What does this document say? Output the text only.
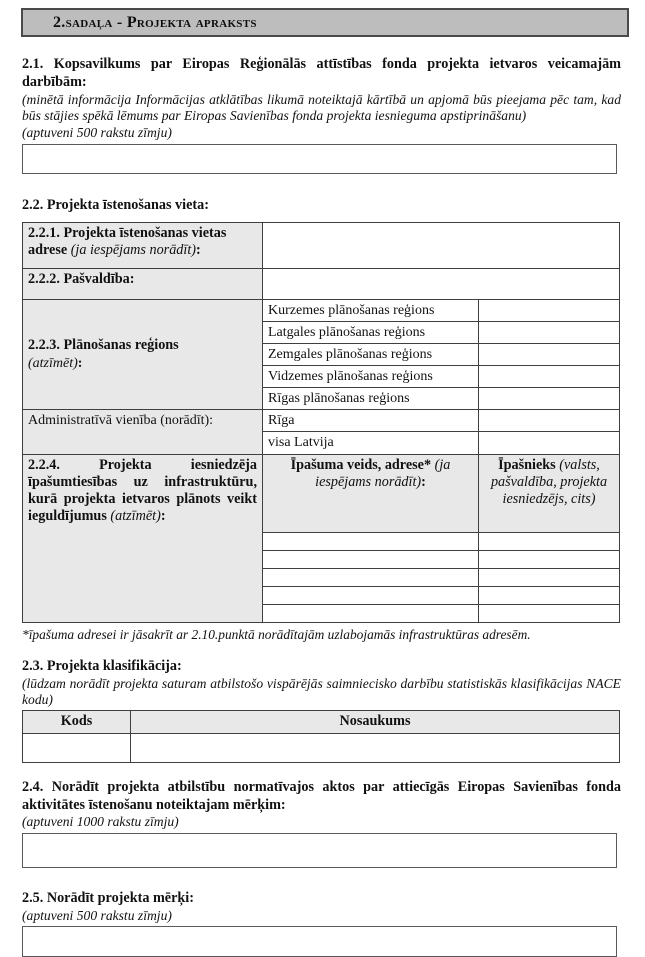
2.sadaļa - Projekta apraksts
2.1. Kopsavilkums par Eiropas Reģionālās attīstības fonda projekta ietvaros veicamajām darbībām:
(minētā informācija Informācijas atklātības likumā noteiktajā kārtībā un apjomā būs pieejama pēc tam, kad būs stājies spēkā lēmums par Eiropas Savienības fonda projekta iesnieguma apstiprināšanu)
(aptuveni 500 rakstu zīmju)
2.2. Projekta īstenošanas vieta:
2.2.1. Projekta īstenošanas vietas adrese (ja iespējams norādīt):		
2.2.2. Pašvaldība:		

2.2.3. Plānošanas reģions
(atzīmēt):	Kurzemes plānošanas reģions	
	Latgales plānošanas reģions	
	Zemgales plānošanas reģions	
	Vidzemes plānošanas reģions	
	Rīgas plānošanas reģions	
Administratīvā vienība (norādīt):	Rīga	
	visa Latvija	

2.2.4. Projekta iesniedzēja īpašumtiesības uz infrastruktūru, kurā projekta ietvaros plānots veikt ieguldījumus (atzīmēt):	Īpašuma veids, adrese* (ja iespējams norādīt):	Īpašnieks (valsts, pašvaldība, projekta iesniedzējs, cits)

*īpašuma adresei ir jāsakrīt ar 2.10.punktā norādītajām uzlabojamās infrastruktūras adresēm.
2.3. Projekta klasifikācija:
(lūdzam norādīt projekta saturam atbilstošo vispārējās saimniecisko darbību statistiskās klasifikācijas NACE kodu)
Kods	Nosaukums

2.4. Norādīt projekta atbilstību normatīvajos aktos par attiecīgās Eiropas Savienības fonda aktivitātes īstenošanu noteiktajam mērķim:
(aptuveni 1000 rakstu zīmju)
2.5. Norādīt projekta mērķi:
(aptuveni 500 rakstu zīmju)
